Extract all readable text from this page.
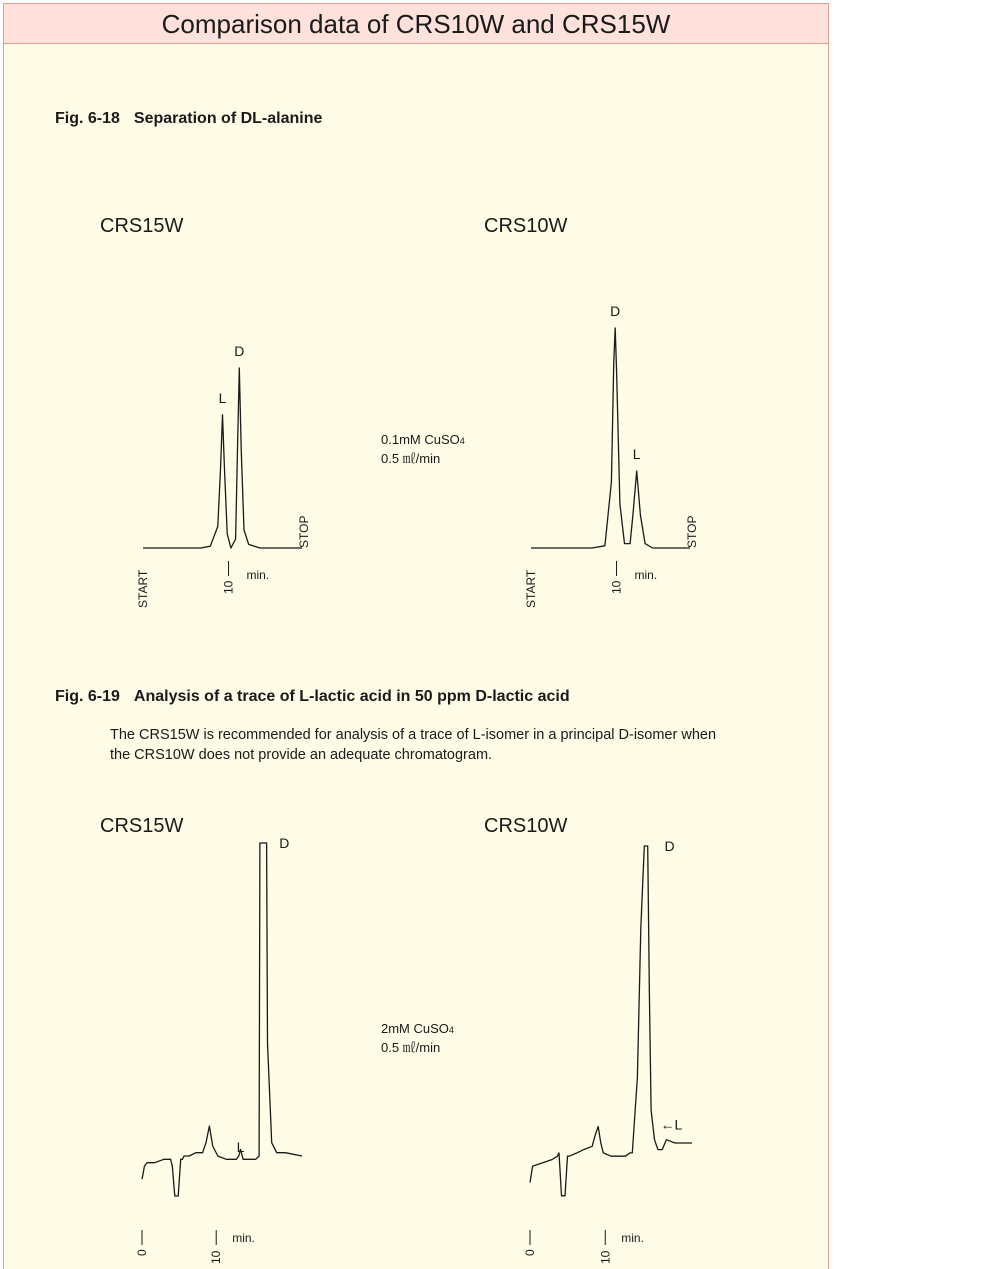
Comparison data of CRS10W and CRS15W
Fig. 6-18 Separation of DL-alanine
CRS15W	CRS10W
0.1mM CuSO4
0.5 ㎖/min
Fig. 6-19 Analysis of a trace of L-lactic acid in 50 ppm D-lactic acid
The CRS15W is recommended for analysis of a trace of L-isomer in a principal D-isomer when the CRS10W does not provide an adequate chromatogram.
CRS15W	CRS10W
2mM CuSO4
0.5 ㎖/min
L
D
10
START
STOP
min.
D
L
10
START
STOP
min.
L
D
0	10
min.
D
←L
0	10
min.
